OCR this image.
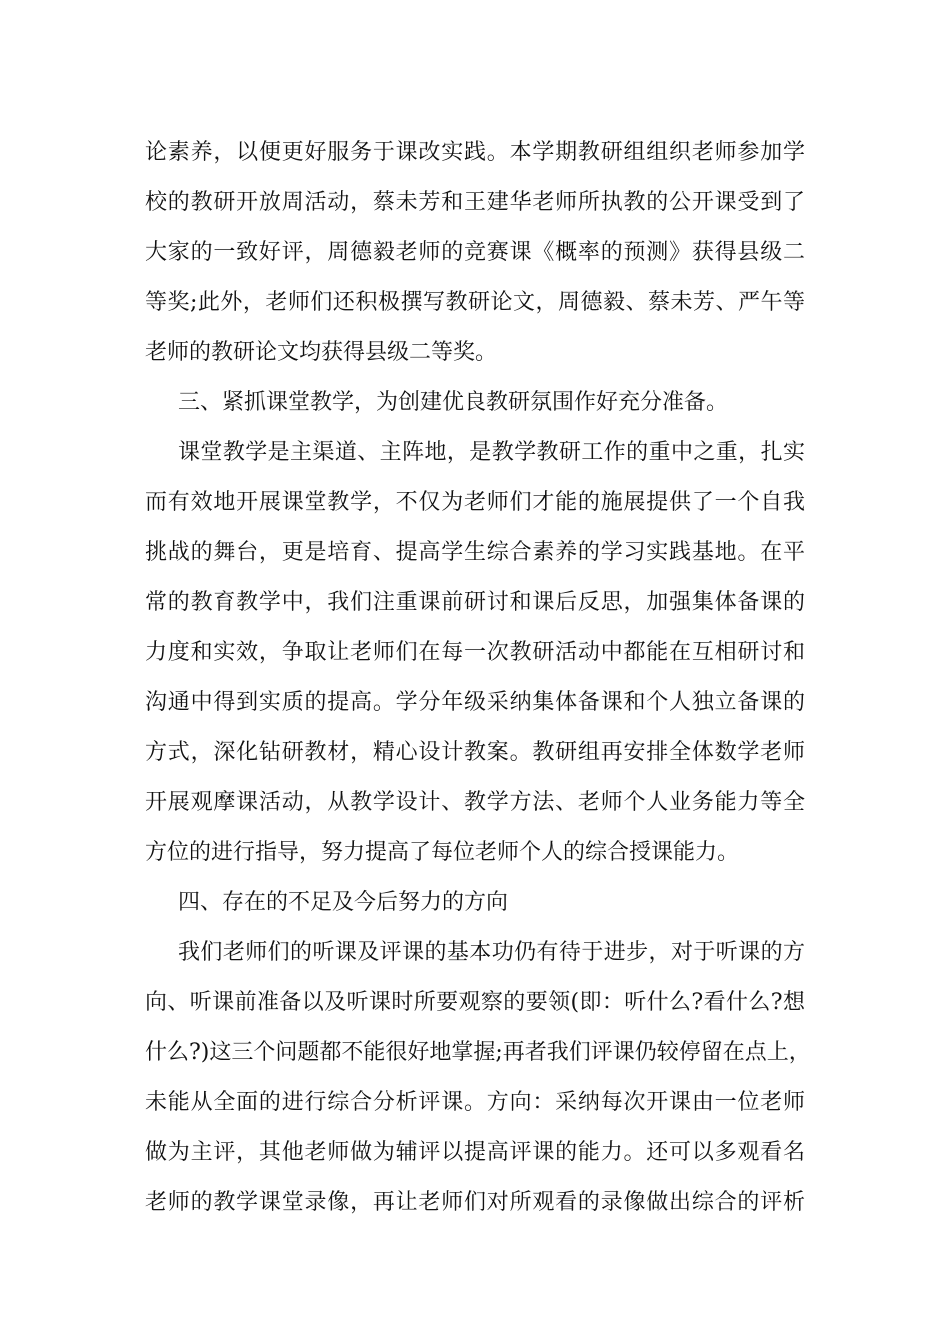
论素养，以便更好服务于课改实践。本学期教研组组织老师参加学
校的教研开放周活动，蔡未芳和王建华老师所执教的公开课受到了
大家的一致好评，周德毅老师的竞赛课《概率的预测》获得县级二
等奖;此外，老师们还积极撰写教研论文，周德毅、蔡未芳、严午等
老师的教研论文均获得县级二等奖。
三、紧抓课堂教学，为创建优良教研氛围作好充分准备。
课堂教学是主渠道、主阵地，是教学教研工作的重中之重，扎实
而有效地开展课堂教学，不仅为老师们才能的施展提供了一个自我
挑战的舞台，更是培育、提高学生综合素养的学习实践基地。在平
常的教育教学中，我们注重课前研讨和课后反思，加强集体备课的
力度和实效，争取让老师们在每一次教研活动中都能在互相研讨和
沟通中得到实质的提高。学分年级采纳集体备课和个人独立备课的
方式，深化钻研教材，精心设计教案。教研组再安排全体数学老师
开展观摩课活动，从教学设计、教学方法、老师个人业务能力等全
方位的进行指导，努力提高了每位老师个人的综合授课能力。
四、存在的不足及今后努力的方向
我们老师们的听课及评课的基本功仍有待于进步，对于听课的方
向、听课前准备以及听课时所要观察的要领(即：听什么?看什么?想
什么?)这三个问题都不能很好地掌握;再者我们评课仍较停留在点上，
未能从全面的进行综合分析评课。方向：采纳每次开课由一位老师
做为主评，其他老师做为辅评以提高评课的能力。还可以多观看名
老师的教学课堂录像，再让老师们对所观看的录像做出综合的评析
